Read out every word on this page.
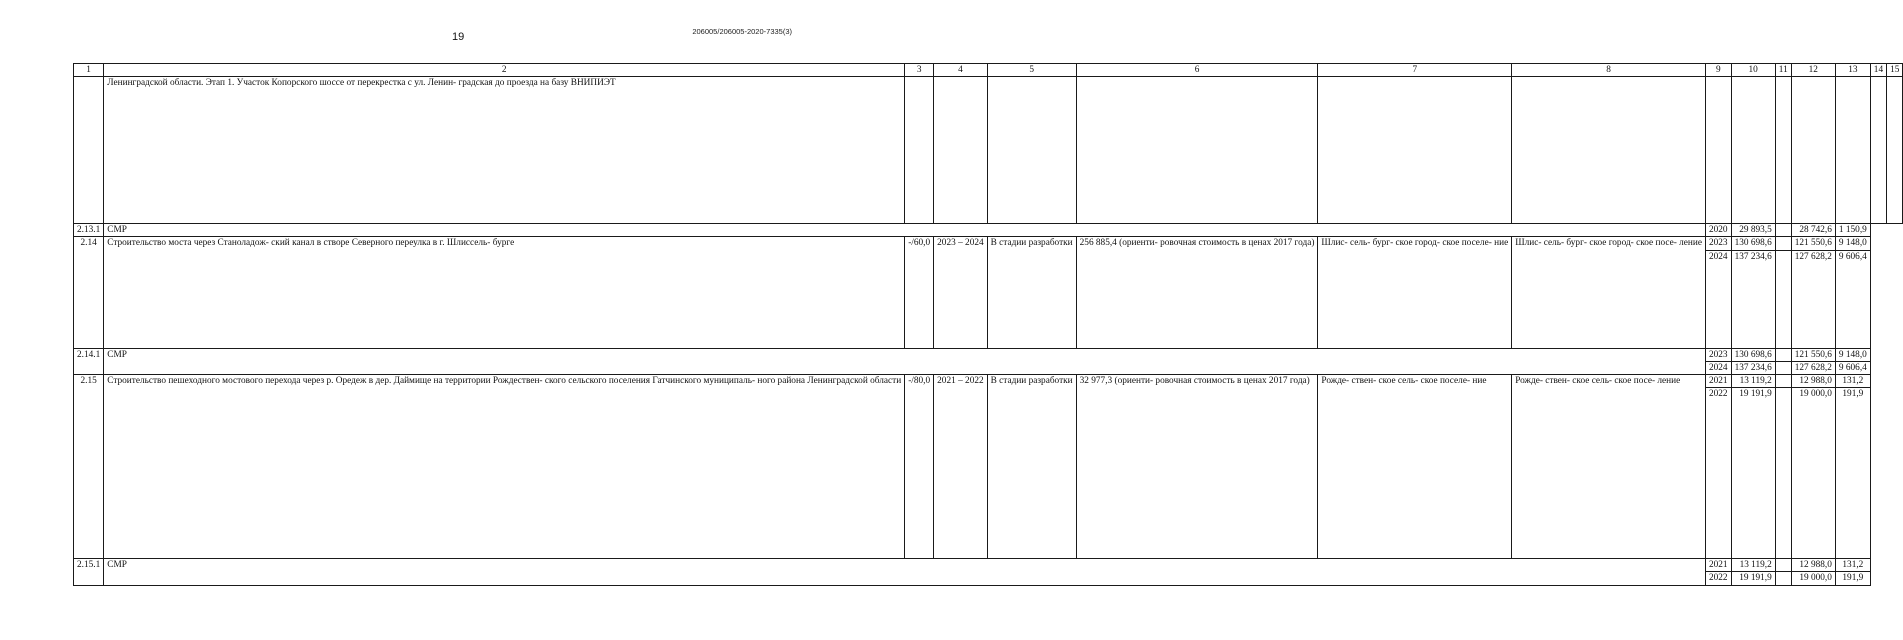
206005/206005-2020-7335(3)
19
1	2	3	4	5	6	7	8	9	10	11	12	13	14	15
	Ленинградской области. Этап 1. Участок Копорского шоссе от перекрестка с ул. Ленин- градская до проезда на базу ВНИПИЭТ													
2.13.1	СМР							2020	29 893,5		28 742,6	1 150,9		
2.14	Строительство моста через Станоладож- ский канал в створе Северного переулка в г. Шлиссель- бурге	-/60,0	2023 – 2024	В стадии разработки	256 885,4 (ориенти- ровочная стоимость в ценах 2017 года)	Шлис- сель- бург- ское город- ское поселе- ние	Шлис- сель- бург- ское город- ское посе- ление	2023	130 698,6		121 550,6	9 148,0		
								2024	137 234,6		127 628,2	9 606,4		
2.14.1	СМР							2023	130 698,6		121 550,6	9 148,0		
								2024	137 234,6		127 628,2	9 606,4		
2.15	Строительство пешеходного мостового перехода через р. Оредеж в дер. Даймище на территории Рождествен- ского сельского поселения Гатчинского муниципаль- ного района Ленинградской области	-/80,0	2021 – 2022	В стадии разработки	32 977,3 (ориенти- ровочная стоимость в ценах 2017 года)	Рожде- ствен- ское сель- ское поселе- ние	Рожде- ствен- ское сель- ское посе- ление	2021	13 119,2		12 988,0	131,2		
								2022	19 191,9		19 000,0	191,9		
2.15.1	СМР							2021	13 119,2		12 988,0	131,2		
								2022	19 191,9		19 000,0	191,9		
